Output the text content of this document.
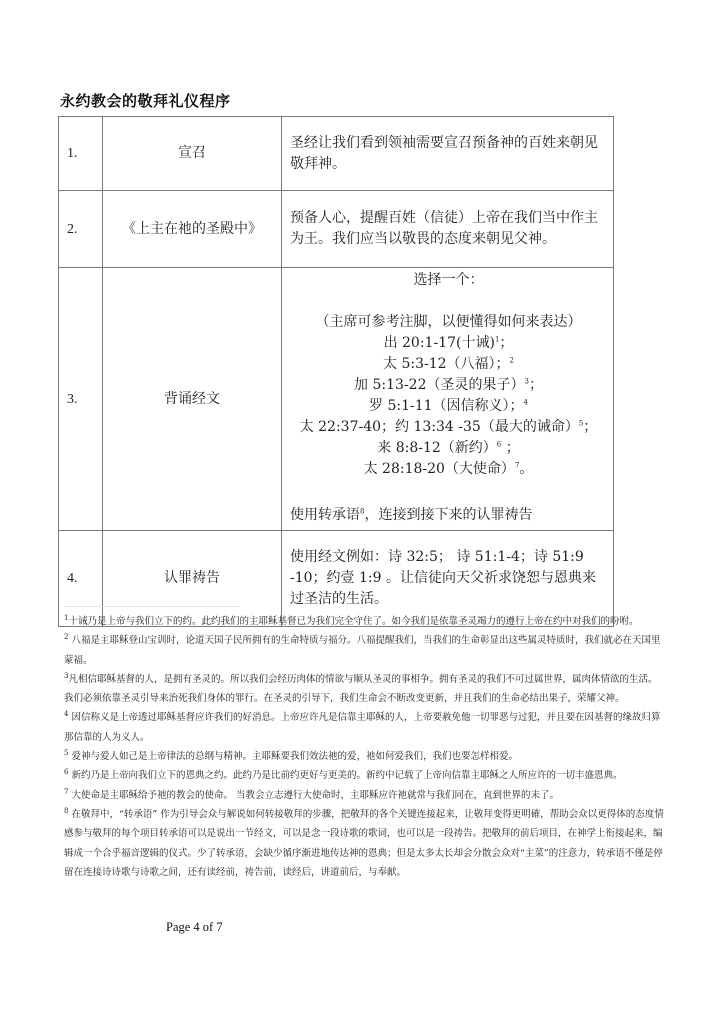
永约教会的敬拜礼仪程序
1.	宣召	圣经让我们看到领袖需要宣召预备神的百姓来朝见敬拜神。
2.	《上主在祂的圣殿中》	预备人心，提醒百姓（信徒）上帝在我们当中作主为王。我们应当以敬畏的态度来朝见父神。
3.	背诵经文	
选择一个：
（主席可参考注脚，以便懂得如何来表达）
出 20:1-17(十诫)$^1$；
太 5:3-12（八福）；$^2$
加 5:13-22（圣灵的果子）$^3$；
罗 5:1-11（因信称义）；$^4$
太 22:37-40；约 13:34 -35（最大的诫命）$^5$；
来 8:8-12（新约）$^6$ ；
太 28:18-20（大使命）$^7$。
使用转承语$^8$，连接到接下来的认罪祷告

4.	认罪祷告	使用经文例如：诗 32:5； 诗 51:1-4；诗 51:9 -10；约壹 1:9 。让信徒向天父祈求饶恕与恩典来过圣洁的生活。

$^1$十诫乃是上帝与我们立下的约。此约我们的主耶稣基督已为我们完全守住了。如今我们是依靠圣灵竭力的遵行上帝在约中对我们的吩咐。

$^2$ 八福是主耶稣登山宝训时，论道天国子民所拥有的生命特质与福分。八福提醒我们，当我们的生命彰显出这些属灵特质时，我们就必在天国里蒙福。

$^3$凡相信耶稣基督的人，是拥有圣灵的。所以我们会经历肉体的情欲与顺从圣灵的事相争。拥有圣灵的我们不可过属世界，属肉体情欲的生活。我们必须依靠圣灵引导来治死我们身体的罪行。在圣灵的引导下，我们生命会不断改变更新，并且我们的生命必结出果子，荣耀父神。

$^4$ 因信称义是上帝透过耶稣基督应许我们的好消息。上帝应许凡是信靠主耶稣的人，上帝要赦免他一切罪恶与过犯，并且要在因基督的缘故归算那信靠的人为义人。

$^5$ 爱神与爱人如己是上帝律法的总纲与精神。主耶稣要我们效法祂的爱，祂如何爱我们，我们也要怎样相爱。

$^6$ 新约乃是上帝向我们立下的恩典之约。此约乃是比前约更好与更美的。新约中记载了上帝向信靠主耶稣之人所应许的一切丰盛恩典。

$^7$ 大使命是主耶稣给予祂的教会的使命。 当教会立志遵行大使命时，主耶稣应许祂就常与我们同在，直到世界的末了。

$^8$ 在敬拜中，“转承语” 作为引导会众与解说如何转接敬拜的步骤，把敬拜的各个关键连接起来，让敬拜变得更明確，帮助会众以更得体的态度情感参与敬拜的每个项目转承语可以是说出一节经文，可以是念一段诗歌的歌词，也可以是一段祷告。把敬拜的前后项目，在神学上衔接起来，编辑成一个合乎福音逻辑的仪式。少了转承语，会缺少循序渐进地传达神的恩典；但是太多太长却会分散会众对“主菜”的注意力，转承语不僅是停留在连接诗诗歌与诗歌之间，还有读经前，祷告前，读经后，讲道前后，与奉献。

Page 4 of 7
